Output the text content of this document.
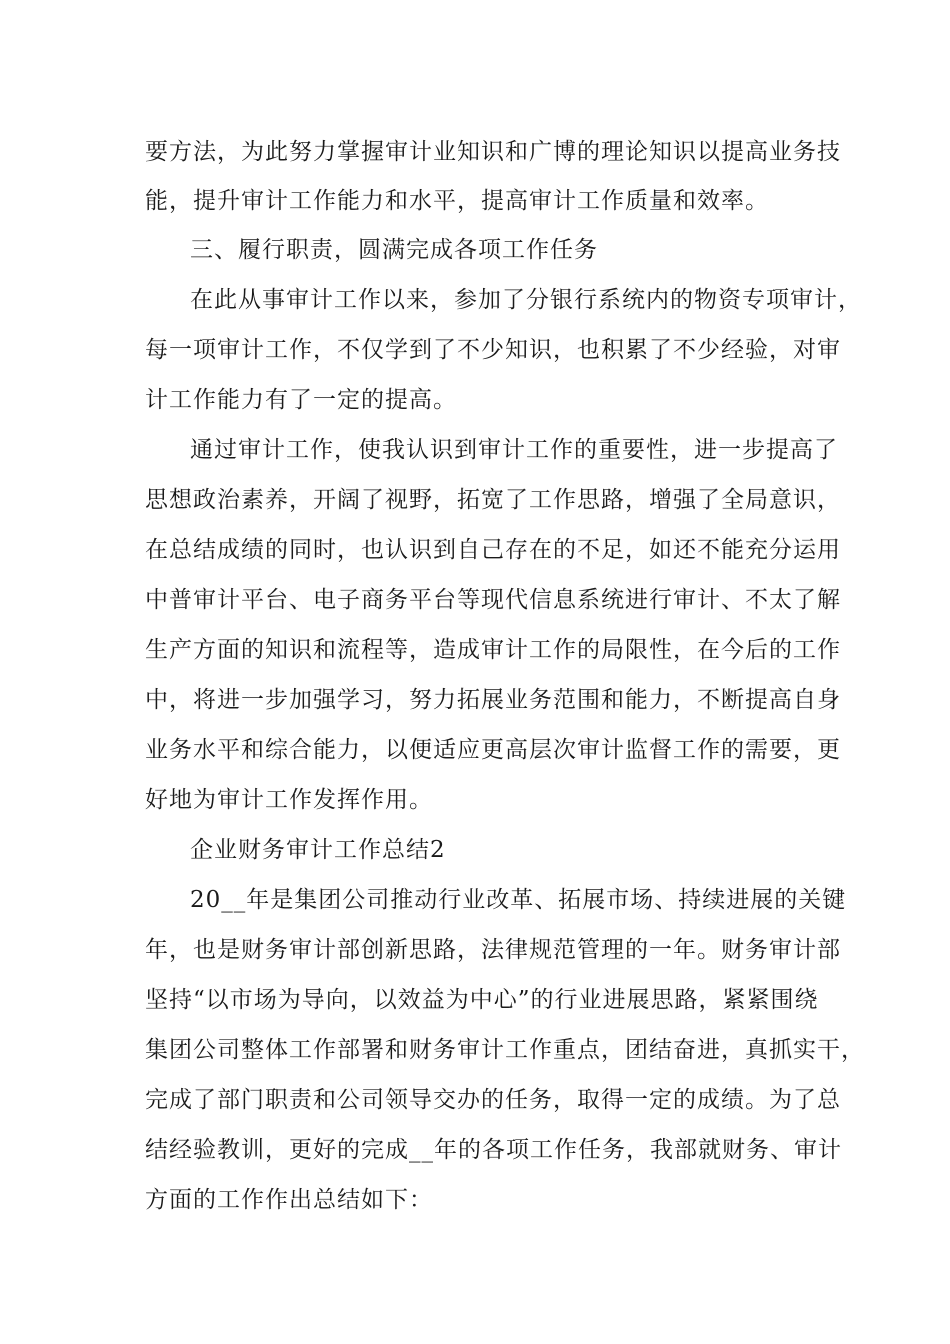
要方法，为此努力掌握审计业知识和广博的理论知识以提高业务技
能，提升审计工作能力和水平，提高审计工作质量和效率。
三、履行职责，圆满完成各项工作任务
在此从事审计工作以来，参加了分银行系统内的物资专项审计，
每一项审计工作，不仅学到了不少知识，也积累了不少经验，对审
计工作能力有了一定的提高。
通过审计工作，使我认识到审计工作的重要性，进一步提高了
思想政治素养，开阔了视野，拓宽了工作思路，增强了全局意识，
在总结成绩的同时，也认识到自己存在的不足，如还不能充分运用
中普审计平台、电子商务平台等现代信息系统进行审计、不太了解
生产方面的知识和流程等，造成审计工作的局限性，在今后的工作
中，将进一步加强学习，努力拓展业务范围和能力，不断提高自身
业务水平和综合能力，以便适应更高层次审计监督工作的需要，更
好地为审计工作发挥作用。
企业财务审计工作总结2
20__年是集团公司推动行业改革、拓展市场、持续进展的关键
年，也是财务审计部创新思路，法律规范管理的一年。财务审计部
坚持“以市场为导向，以效益为中心”的行业进展思路，紧紧围绕
集团公司整体工作部署和财务审计工作重点，团结奋进，真抓实干，
完成了部门职责和公司领导交办的任务，取得一定的成绩。为了总
结经验教训，更好的完成__年的各项工作任务，我部就财务、审计
方面的工作作出总结如下：
